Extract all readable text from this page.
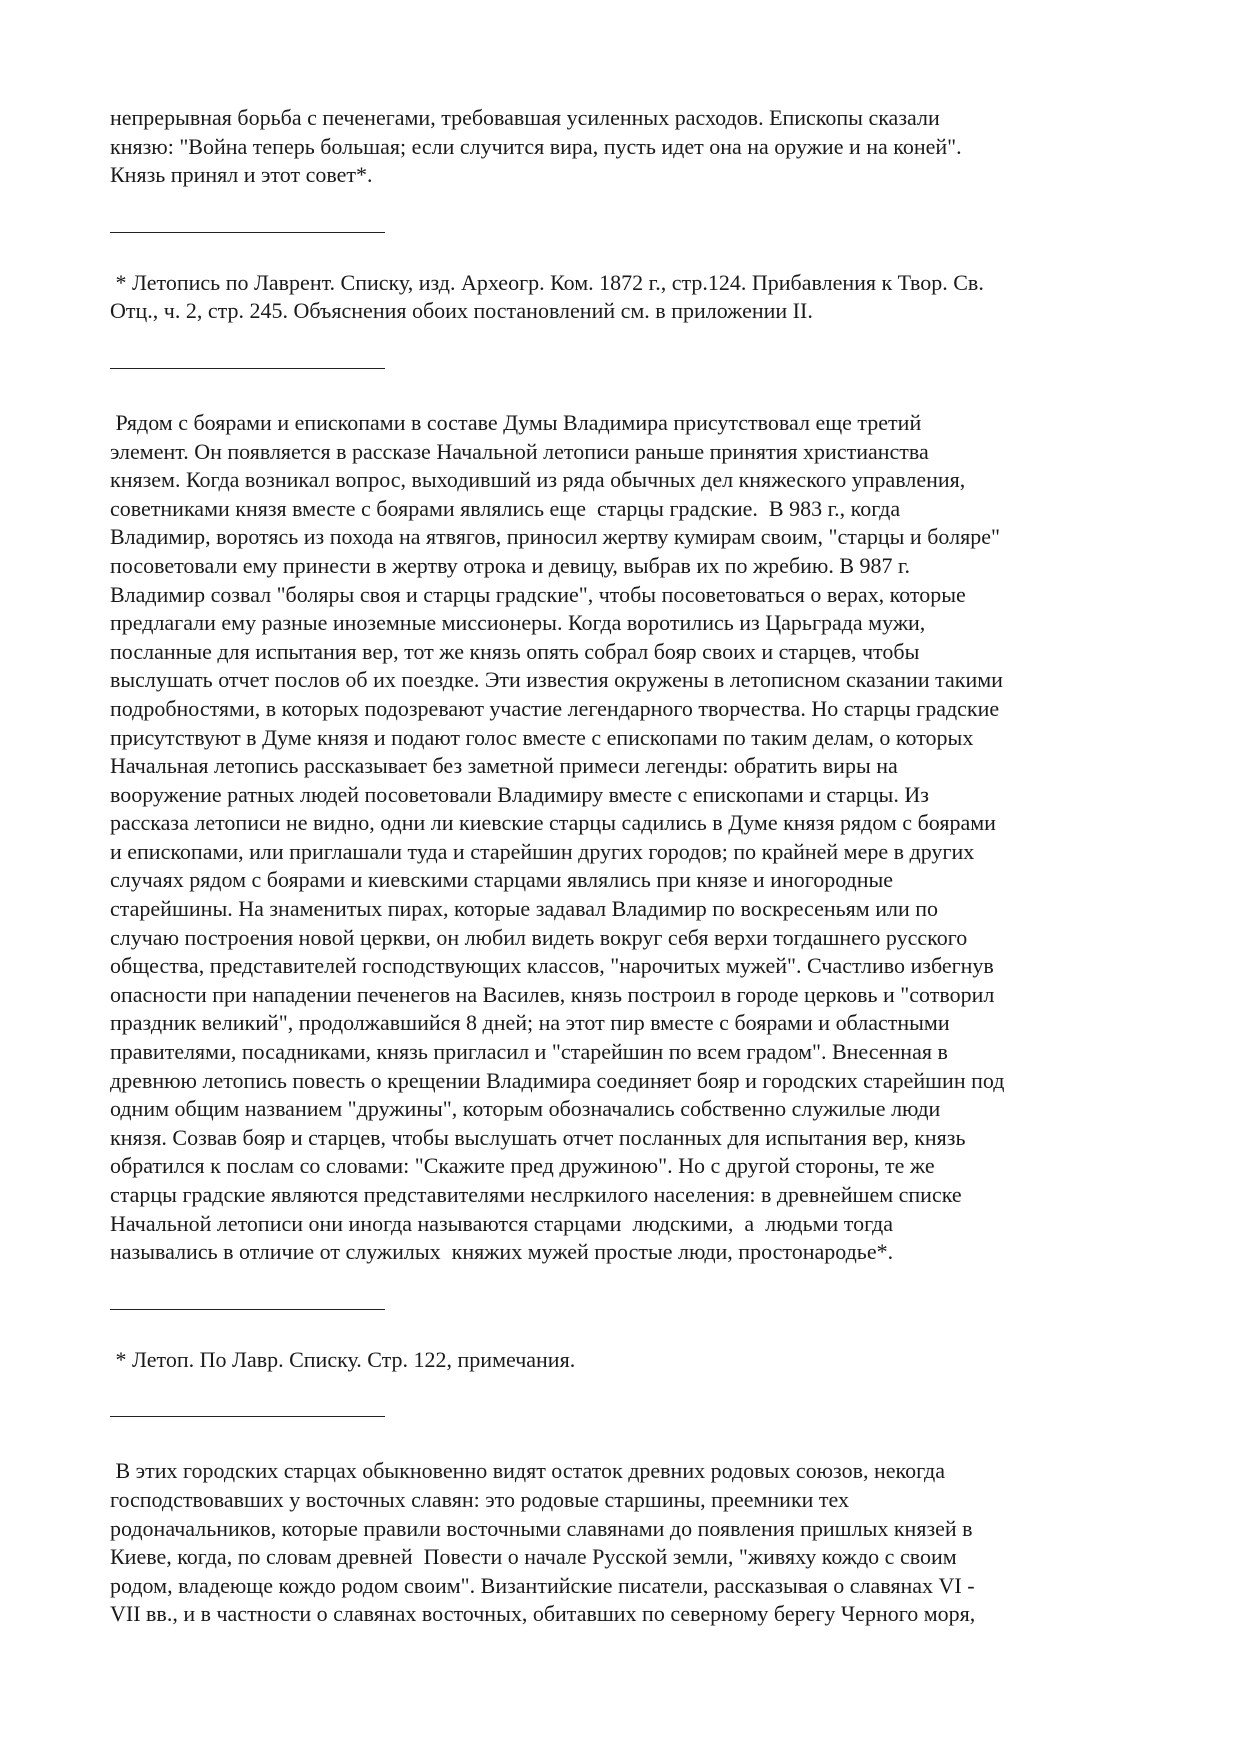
непрерывная борьба с печенегами, требовавшая усиленных расходов. Епископы сказали
князю: "Война теперь большая; если случится вира, пусть идет она на оружие и на коней".
Князь принял и этот совет*.

* Летопись по Лаврент. Списку, изд. Археогр. Ком. 1872 г., стр.124. Прибавления к Твор. Св.
Отц., ч. 2, стр. 245. Объяснения обоих постановлений см. в приложении II.

Рядом с боярами и епископами в составе Думы Владимира присутствовал еще третий
элемент. Он появляется в рассказе Начальной летописи раньше принятия христианства
князем. Когда возникал вопрос, выходивший из ряда обычных дел княжеского управления,
советниками князя вместе с боярами являлись еще  старцы градские.  В 983 г., когда
Владимир, воротясь из похода на ятвягов, приносил жертву кумирам своим, "старцы и боляре"
посоветовали ему принести в жертву отрока и девицу, выбрав их по жребию. В 987 г.
Владимир созвал "боляры своя и старцы градские", чтобы посоветоваться о верах, которые
предлагали ему разные иноземные миссионеры. Когда воротились из Царьграда мужи,
посланные для испытания вер, тот же князь опять собрал бояр своих и старцев, чтобы
выслушать отчет послов об их поездке. Эти известия окружены в летописном сказании такими
подробностями, в которых подозревают участие легендарного творчества. Но старцы градские
присутствуют в Думе князя и подают голос вместе с епископами по таким делам, о которых
Начальная летопись рассказывает без заметной примеси легенды: обратить виры на
вооружение ратных людей посоветовали Владимиру вместе с епископами и старцы. Из
рассказа летописи не видно, одни ли киевские старцы садились в Думе князя рядом с боярами
и епископами, или приглашали туда и старейшин других городов; по крайней мере в других
случаях рядом с боярами и киевскими старцами являлись при князе и иногородные
старейшины. На знаменитых пирах, которые задавал Владимир по воскресеньям или по
случаю построения новой церкви, он любил видеть вокруг себя верхи тогдашнего русского
общества, представителей господствующих классов, "нарочитых мужей". Счастливо избегнув
опасности при нападении печенегов на Василев, князь построил в городе церковь и "сотворил
праздник великий", продолжавшийся 8 дней; на этот пир вместе с боярами и областными
правителями, посадниками, князь пригласил и "старейшин по всем градом". Внесенная в
древнюю летопись повесть о крещении Владимира соединяет бояр и городских старейшин под
одним общим названием "дружины", которым обозначались собственно служилые люди
князя. Созвав бояр и старцев, чтобы выслушать отчет посланных для испытания вер, князь
обратился к послам со словами: "Скажите пред дружиною". Но с другой стороны, те же
старцы градские являются представителями неслркилого населения: в древнейшем списке
Начальной летописи они иногда называются старцами  людскими,  а  людьми тогда
назывались в отличие от служилых  княжих мужей простые люди, простонародье*.

* Летоп. По Лавр. Списку. Стр. 122, примечания.

В этих городских старцах обыкновенно видят остаток древних родовых союзов, некогда
господствовавших у восточных славян: это родовые старшины, преемники тех
родоначальников, которые правили восточными славянами до появления пришлых князей в
Киеве, когда, по словам древней  Повести о начале Русской земли, "живяху кождо с своим
родом, владеюще кождо родом своим". Византийские писатели, рассказывая о славянах VI -
VII вв., и в частности о славянах восточных, обитавших по северному берегу Черного моря,
